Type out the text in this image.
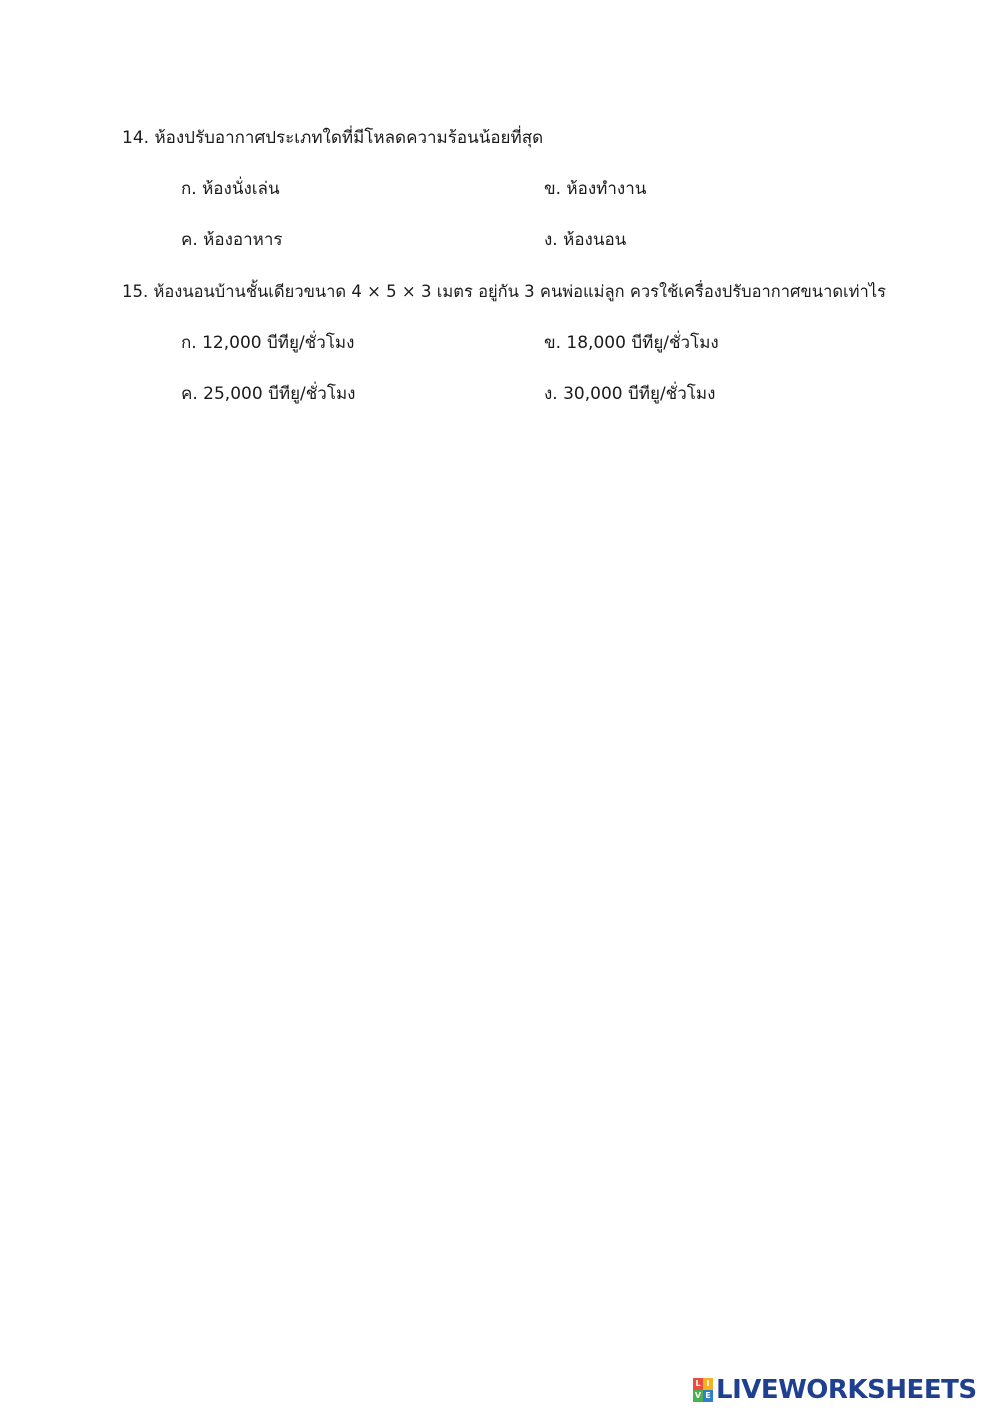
14. ห้องปรับอากาศประเภทใดที่มีโหลดความร้อนน้อยที่สุด
ก. ห้องนั่งเล่น	ข. ห้องทำงาน
ค. ห้องอาหาร	ง. ห้องนอน
15. ห้องนอนบ้านชั้นเดียวขนาด 4 × 5 × 3 เมตร อยู่กัน 3 คนพ่อแม่ลูก ควรใช้เครื่องปรับอากาศขนาดเท่าไร
ก. 12,000 บีทียู/ชั่วโมง	ข. 18,000 บีทียู/ชั่วโมง
ค. 25,000 บีทียู/ชั่วโมง	ง. 30,000 บีทียู/ชั่วโมง
L I
V E LIVEWORKSHEETS
